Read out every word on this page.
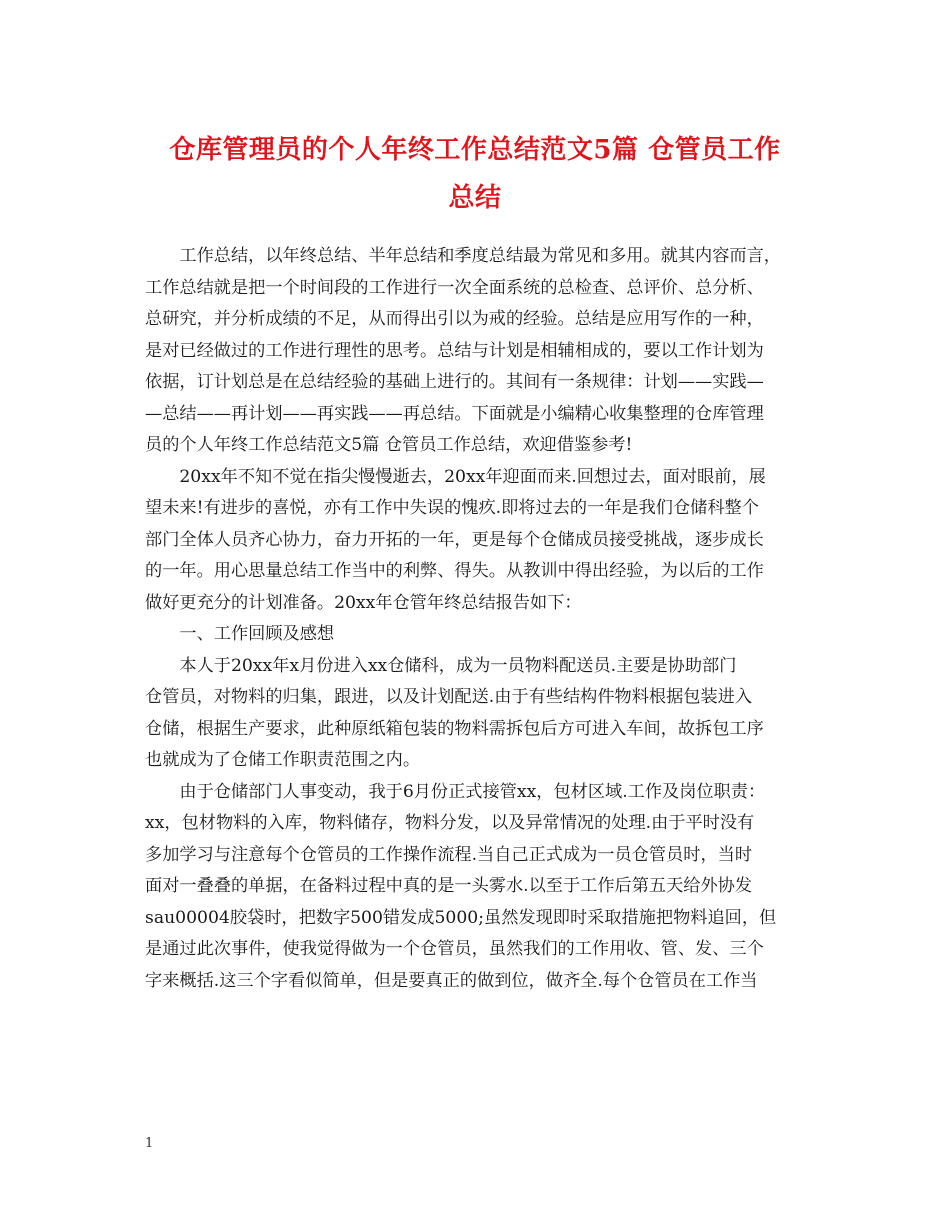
仓库管理员的个人年终工作总结范文5篇 仓管员工作
总结
　　工作总结，以年终总结、半年总结和季度总结最为常见和多用。就其内容而言，
工作总结就是把一个时间段的工作进行一次全面系统的总检查、总评价、总分析、
总研究，并分析成绩的不足，从而得出引以为戒的经验。总结是应用写作的一种，
是对已经做过的工作进行理性的思考。总结与计划是相辅相成的，要以工作计划为
依据，订计划总是在总结经验的基础上进行的。其间有一条规律：计划——实践—
—总结——再计划——再实践——再总结。下面就是小编精心收集整理的仓库管理
员的个人年终工作总结范文5篇 仓管员工作总结，欢迎借鉴参考!
　　20xx年不知不觉在指尖慢慢逝去，20xx年迎面而来.回想过去，面对眼前，展
望未来!有进步的喜悦，亦有工作中失误的愧疚.即将过去的一年是我们仓储科整个
部门全体人员齐心协力，奋力开拓的一年，更是每个仓储成员接受挑战，逐步成长
的一年。用心思量总结工作当中的利弊、得失。从教训中得出经验，为以后的工作
做好更充分的计划准备。20xx年仓管年终总结报告如下：
　　一、工作回顾及感想
　　本人于20xx年x月份进入xx仓储科，成为一员物料配送员.主要是协助部门
仓管员，对物料的归集，跟进，以及计划配送.由于有些结构件物料根据包装进入
仓储，根据生产要求，此种原纸箱包装的物料需拆包后方可进入车间，故拆包工序
也就成为了仓储工作职责范围之内。
　　由于仓储部门人事变动，我于6月份正式接管xx，包材区域.工作及岗位职责：
xx，包材物料的入库，物料储存，物料分发，以及异常情况的处理.由于平时没有
多加学习与注意每个仓管员的工作操作流程.当自己正式成为一员仓管员时，当时
面对一叠叠的单据，在备料过程中真的是一头雾水.以至于工作后第五天给外协发
sau00004胶袋时，把数字500错发成5000;虽然发现即时采取措施把物料追回，但
是通过此次事件，使我觉得做为一个仓管员，虽然我们的工作用收、管、发、三个
字来概括.这三个字看似简单，但是要真正的做到位，做齐全.每个仓管员在工作当
1
